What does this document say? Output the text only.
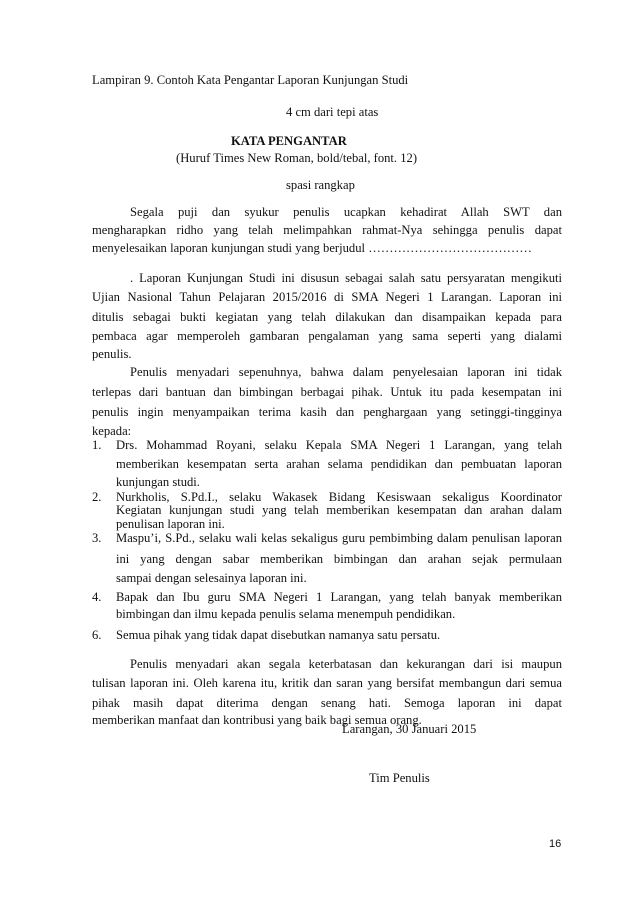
Lampiran 9. Contoh Kata Pengantar Laporan Kunjungan Studi
4 cm dari tepi atas
KATA PENGANTAR
(Huruf Times New Roman, bold/tebal, font. 12)
spasi rangkap
Segala puji dan syukur penulis ucapkan kehadirat Allah SWT dan
mengharapkan ridho yang telah melimpahkan rahmat-Nya sehingga penulis dapat
menyelesaikan laporan kunjungan studi yang berjudul …………………………………
. Laporan Kunjungan Studi ini disusun sebagai salah satu persyaratan mengikuti
Ujian Nasional Tahun Pelajaran 2015/2016 di SMA Negeri 1 Larangan. Laporan ini
ditulis sebagai bukti kegiatan yang telah dilakukan dan disampaikan kepada para
pembaca agar memperoleh gambaran pengalaman yang sama seperti yang dialami
penulis.
Penulis menyadari sepenuhnya, bahwa dalam penyelesaian laporan ini tidak
terlepas dari bantuan dan bimbingan berbagai pihak. Untuk itu pada kesempatan ini
penulis ingin menyampaikan terima kasih dan penghargaan yang setinggi-tingginya
kepada:
1. Drs. Mohammad Royani, selaku Kepala SMA Negeri 1 Larangan, yang telah
memberikan kesempatan serta arahan selama pendidikan dan pembuatan laporan
kunjungan studi.
2. Nurkholis, S.Pd.I., selaku Wakasek Bidang Kesiswaan sekaligus Koordinator
Kegiatan kunjungan studi yang telah memberikan kesempatan dan arahan dalam
penulisan laporan ini.
3. Maspu’i, S.Pd., selaku wali kelas sekaligus guru pembimbing dalam penulisan laporan
ini yang dengan sabar memberikan bimbingan dan arahan sejak permulaan
sampai dengan selesainya laporan ini.
4. Bapak dan Ibu guru SMA Negeri 1 Larangan, yang telah banyak memberikan
bimbingan dan ilmu kepada penulis selama menempuh pendidikan.
6. Semua pihak yang tidak dapat disebutkan namanya satu persatu.
Penulis menyadari akan segala keterbatasan dan kekurangan dari isi maupun
tulisan laporan ini. Oleh karena itu, kritik dan saran yang bersifat membangun dari semua
pihak masih dapat diterima dengan senang hati. Semoga laporan ini dapat
memberikan manfaat dan kontribusi yang baik bagi semua orang.
Larangan, 30 Januari 2015
Tim Penulis
16
